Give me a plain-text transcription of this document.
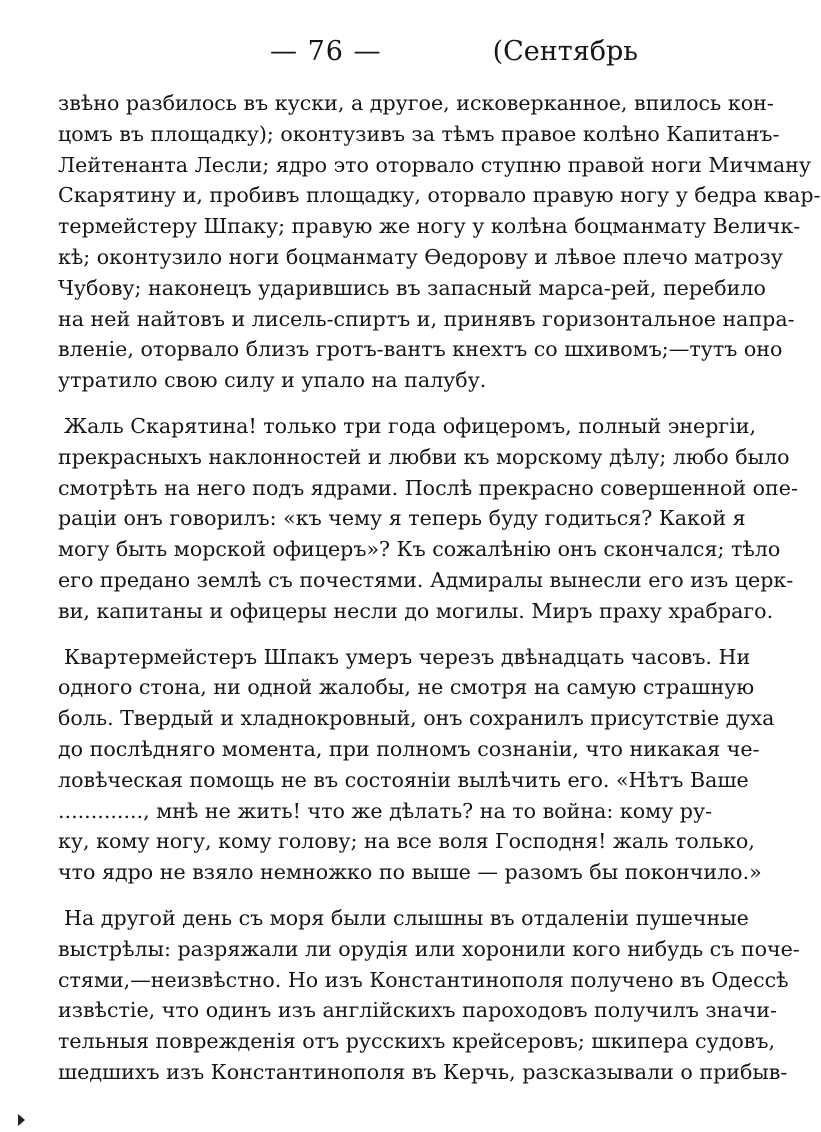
— 76 —	(Сентябрь
звѣно разбилось въ куски, а другое, исковерканное, впилось кон-
цомъ въ площадку); оконтузивъ за тѣмъ правое колѣно Капитанъ-
Лейтенанта Лесли; ядро это оторвало ступню правой ноги Мичману
Скарятину и, пробивъ площадку, оторвало правую ногу у бедра квар-
термейстеру Шпаку; правую же ногу у колѣна боцманмату Величк-
кѣ; оконтузило ноги боцманмату Ѳедорову и лѣвое плечо матрозу
Чубову; наконецъ ударившись въ запасный марса-рей, перебило
на ней найтовъ и лисель-спиртъ и, принявъ горизонтальное напра-
вленіе, оторвало близъ гротъ-вантъ кнехтъ со шхивомъ;—тутъ оно
утратило свою силу и упало на палубу.
Жаль Скарятина! только три года офицеромъ, полный энергіи,
прекрасныхъ наклонностей и любви къ морскому дѣлу; любо было
смотрѣть на него подъ ядрами. Послѣ прекрасно совершенной опе-
раціи онъ говорилъ: «къ чему я теперь буду годиться? Какой я
могу быть морской офицеръ»? Къ сожалѣнію онъ скончался; тѣло
его предано землѣ съ почестями. Адмиралы вынесли его изъ церк-
ви, капитаны и офицеры несли до могилы. Миръ праху храбраго.
Квартермейстеръ Шпакъ умеръ черезъ двѣнадцать часовъ. Ни
одного стона, ни одной жалобы, не смотря на самую страшную
боль. Твердый и хладнокровный, онъ сохранилъ присутствіе духа
до послѣдняго момента, при полномъ сознаніи, что никакая че-
ловѣческая помощь не въ состояніи вылѣчить его. «Нѣтъ Ваше
............., мнѣ не жить! что же дѣлать? на то война: кому ру-
ку, кому ногу, кому голову; на все воля Господня! жаль только,
что ядро не взяло немножко по выше — разомъ бы покончило.»
На другой день съ моря были слышны въ отдаленіи пушечные
выстрѣлы: разряжали ли орудія или хоронили кого нибудь съ поче-
стями,—неизвѣстно. Но изъ Константинополя получено въ Одессѣ
извѣстіе, что одинъ изъ англійскихъ пароходовъ получилъ значи-
тельныя поврежденія отъ русскихъ крейсеровъ; шкипера судовъ,
шедшихъ изъ Константинополя въ Керчь, разсказывали о прибыв-
